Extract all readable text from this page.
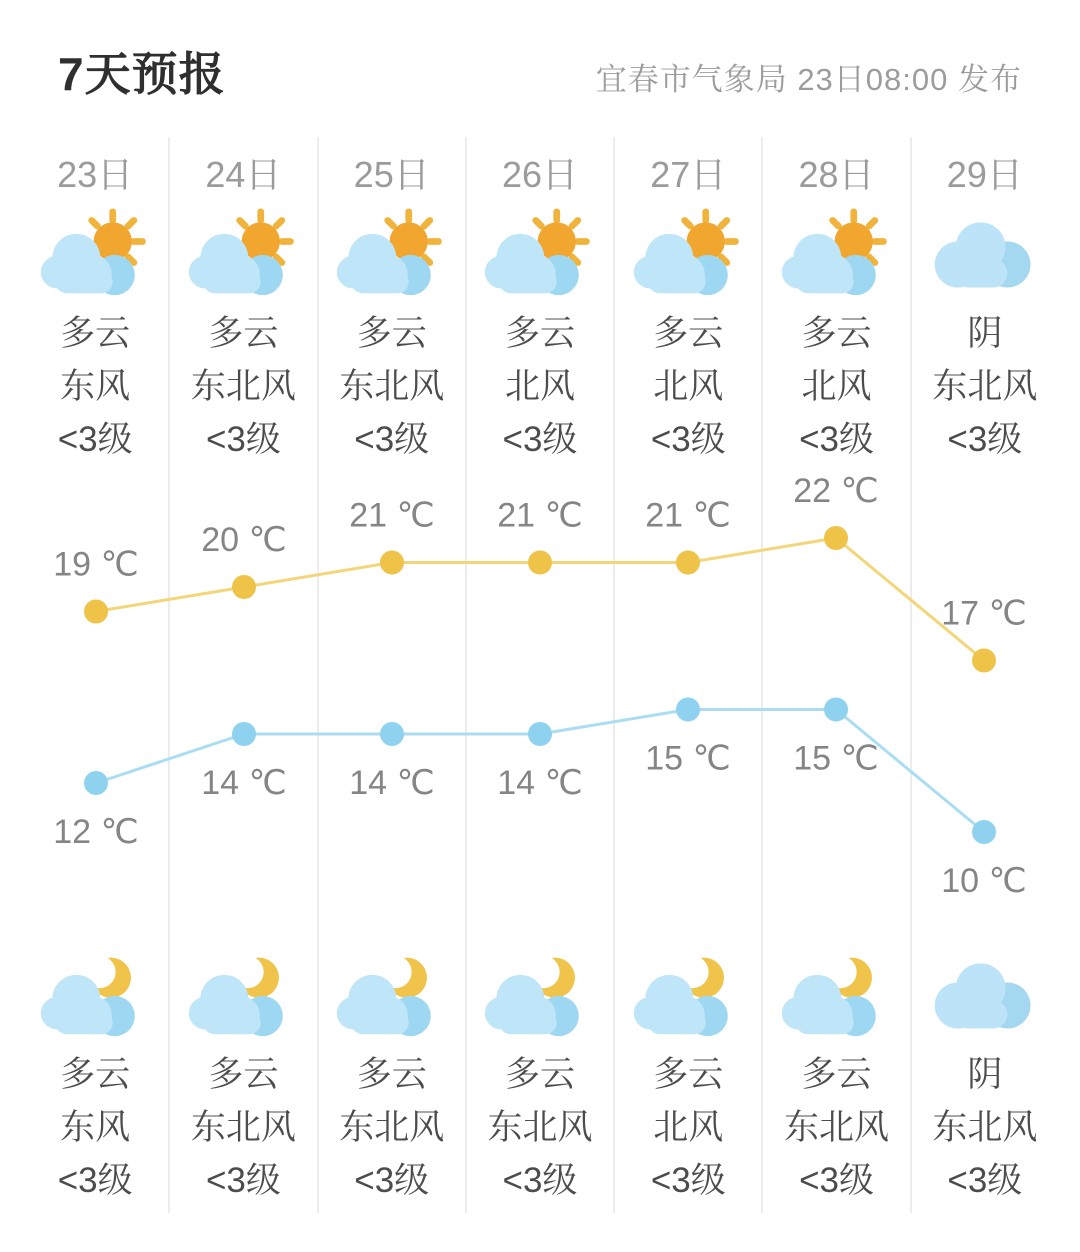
7天预报	宜春市气象局 23日08:00 发布
23日
多云
东风
<3级
多云
东风
<3级
24日
多云
东北风
<3级
多云
东北风
<3级
25日
多云
东北风
<3级
多云
东北风
<3级
26日
多云
北风
<3级
多云
东北风
<3级
27日
多云
北风
<3级
多云
北风
<3级
28日
多云
北风
<3级
多云
东北风
<3级
29日
阴
东北风
<3级
阴
东北风
<3级
19 ℃
20 ℃
21 ℃ 21 ℃ 21 ℃
22 ℃
17 ℃
12 ℃
14 ℃ 14 ℃ 14 ℃
15 ℃ 15 ℃
10 ℃
